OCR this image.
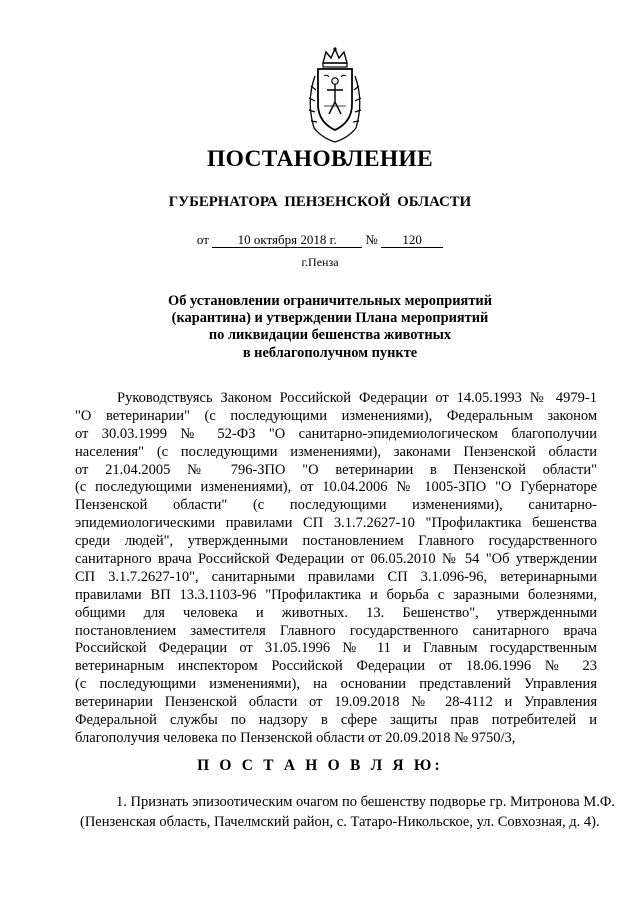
ПОСТАНОВЛЕНИЕ
ГУБЕРНАТОРА ПЕНЗЕНСКОЙ ОБЛАСТИ
от 10 октября 2018 г. № 120
г.Пенза
Об установлении ограничительных мероприятий
(карантина) и утверждении Плана мероприятий
по ликвидации бешенства животных
в неблагополучном пункте
Руководствуясь Законом Российской Федерации от 14.05.1993 № 4979-1
"О ветеринарии" (с последующими изменениями), Федеральным законом
от 30.03.1999 № 52-ФЗ "О санитарно-эпидемиологическом благополучии
населения" (с последующими изменениями), законами Пензенской области
от 21.04.2005 № 796-ЗПО "О ветеринарии в Пензенской области"
(с последующими изменениями), от 10.04.2006 № 1005-ЗПО "О Губернаторе
Пензенской области" (с последующими изменениями), санитарно-
эпидемиологическими правилами СП 3.1.7.2627-10 "Профилактика бешенства
среди людей", утвержденными постановлением Главного государственного
санитарного врача Российской Федерации от 06.05.2010 № 54 "Об утверждении
СП 3.1.7.2627-10", санитарными правилами СП 3.1.096-96, ветеринарными
правилами ВП 13.3.1103-96 "Профилактика и борьба с заразными болезнями,
общими для человека и животных. 13. Бешенство", утвержденными
постановлением заместителя Главного государственного санитарного врача
Российской Федерации от 31.05.1996 № 11 и Главным государственным
ветеринарным инспектором Российской Федерации от 18.06.1996 № 23
(с последующими изменениями), на основании представлений Управления
ветеринарии Пензенской области от 19.09.2018 № 28-4112 и Управления
Федеральной службы по надзору в сфере защиты прав потребителей и
благополучия человека по Пензенской области от 20.09.2018 № 9750/3,
П О С Т А Н О В Л Я Ю:
1. Признать эпизоотическим очагом по бешенству подворье гр. Митронова М.Ф.
(Пензенская область, Пачелмский район, с. Татаро-Никольское, ул. Совхозная, д. 4).
